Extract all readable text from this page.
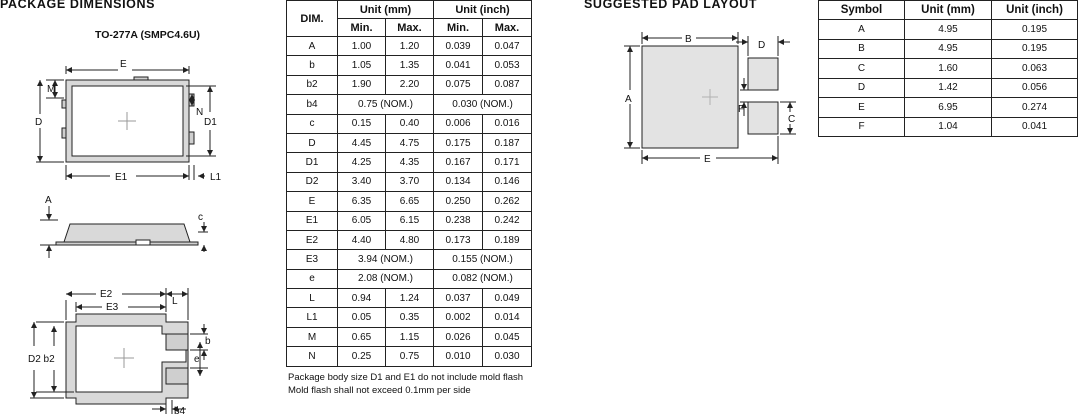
PACKAGE DIMENSIONS
TO-277A (SMPC4.6U)
E
M
D
N
D1
E1	L1
A
c
E2
E3
L
b
e
D2 b2
b4
DIM.	Unit (mm)		Unit (inch)	
	Min.	Max.	Min.	Max.
A	1.00	1.20	0.039	0.047
b	1.05	1.35	0.041	0.053
b2	1.90	2.20	0.075	0.087
b4	0.75 (NOM.)		0.030 (NOM.)	
c	0.15	0.40	0.006	0.016
D	4.45	4.75	0.175	0.187
D1	4.25	4.35	0.167	0.171
D2	3.40	3.70	0.134	0.146
E	6.35	6.65	0.250	0.262
E1	6.05	6.15	0.238	0.242
E2	4.40	4.80	0.173	0.189
E3	3.94 (NOM.)		0.155 (NOM.)	
e	2.08 (NOM.)		0.082 (NOM.)	
L	0.94	1.24	0.037	0.049
L1	0.05	0.35	0.002	0.014
M	0.65	1.15	0.026	0.045
N	0.25	0.75	0.010	0.030
Package body size D1 and E1 do not include mold flash
Mold flash shall not exceed 0.1mm per side
SUGGESTED PAD LAYOUT
B
D
A
F
C
E
Symbol	Unit (mm)	Unit (inch)
A	4.95	0.195
B	4.95	0.195
C	1.60	0.063
D	1.42	0.056
E	6.95	0.274
F	1.04	0.041
